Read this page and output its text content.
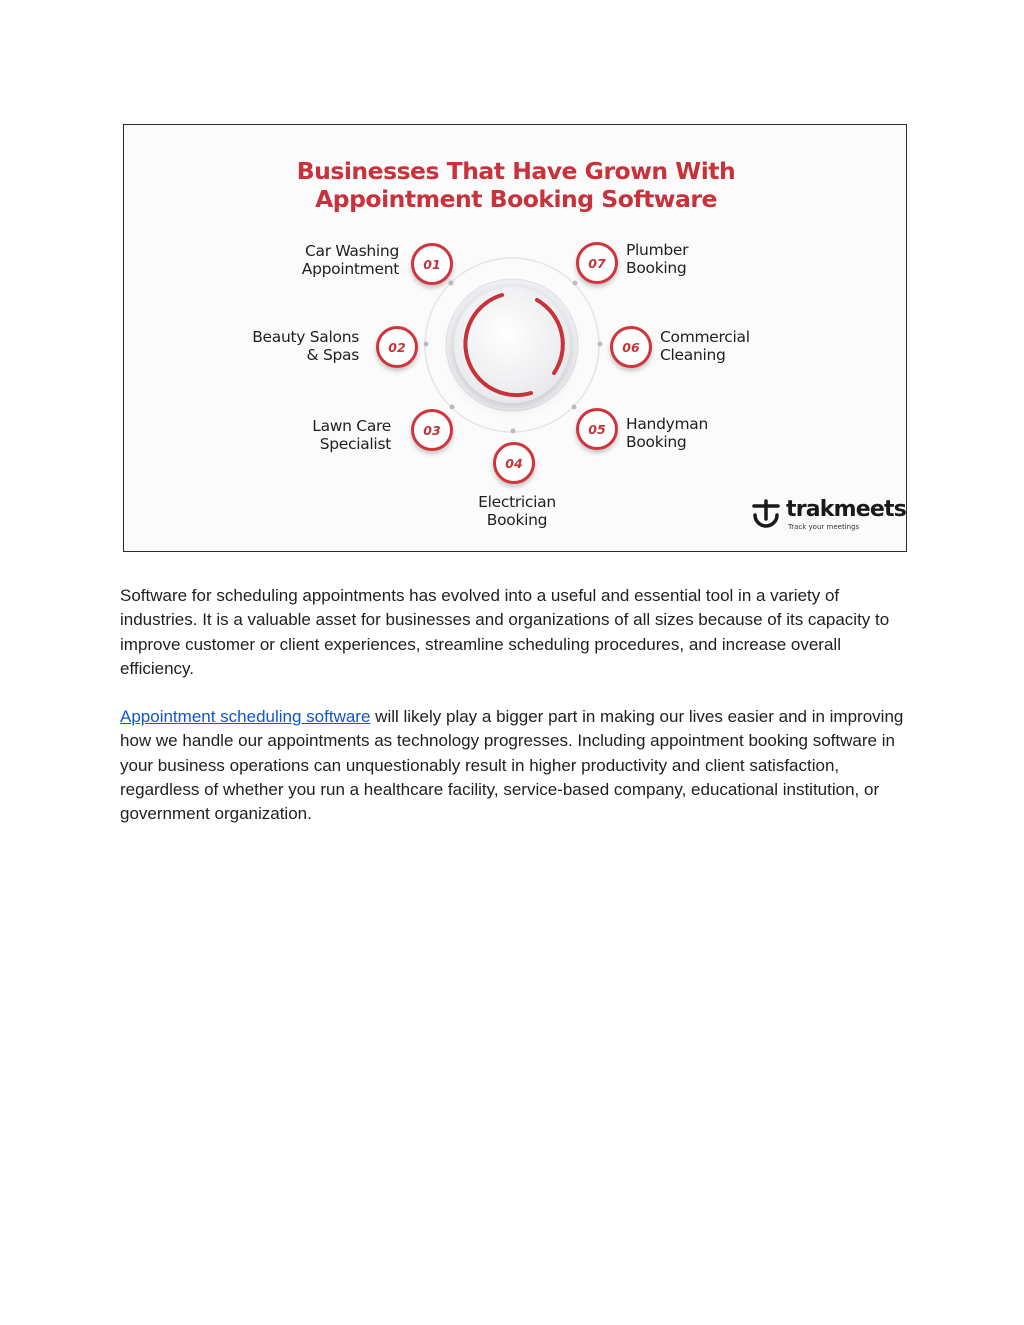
Businesses That Have Grown With
Appointment Booking Software
01
02
03
04
05
06
07
Car Washing
Appointment
Beauty Salons
& Spas
Lawn Care
Specialist
Electrician
Booking
Handyman
Booking
Commercial
Cleaning
Plumber
Booking
trakmeets
Track your meetings

Software for scheduling appointments has evolved into a useful and essential tool in a variety of industries. It is a valuable asset for businesses and organizations of all sizes because of its capacity to improve customer or client experiences, streamline scheduling procedures, and increase overall efficiency.

Appointment scheduling software will likely play a bigger part in making our lives easier and in improving how we handle our appointments as technology progresses. Including appointment booking software in your business operations can unquestionably result in higher productivity and client satisfaction, regardless of whether you run a healthcare facility, service-based company, educational institution, or government organization.
